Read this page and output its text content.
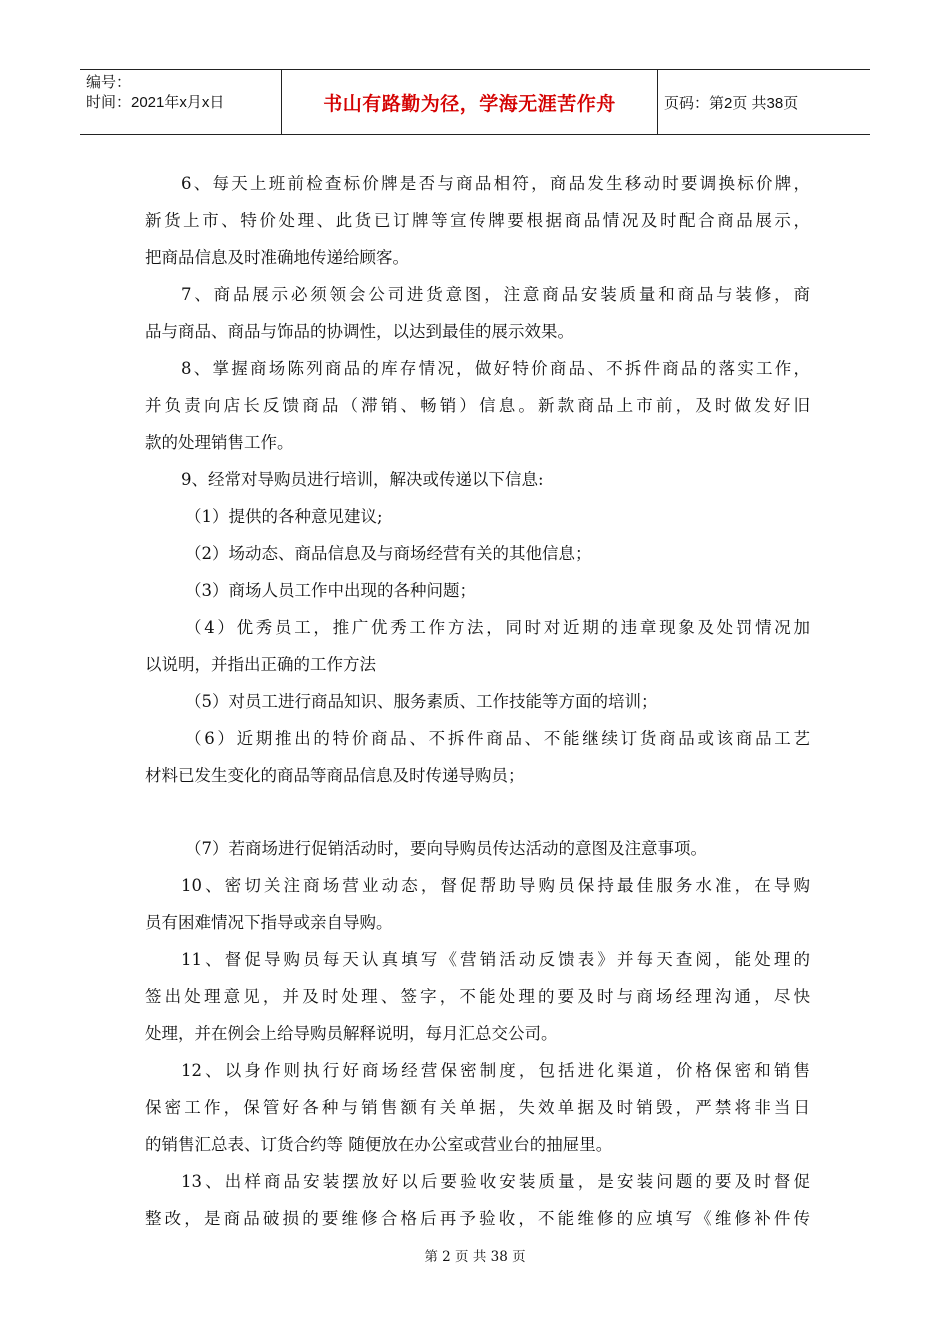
编号：
时间：2021年x月x日	书山有路勤为径，学海无涯苦作舟	页码：第2页 共38页
6、每天上班前检查标价牌是否与商品相符，商品发生移动时要调换标价牌，
新货上市、特价处理、此货已订牌等宣传牌要根据商品情况及时配合商品展示，
把商品信息及时准确地传递给顾客。
7、商品展示必须领会公司进货意图，注意商品安装质量和商品与装修，商
品与商品、商品与饰品的协调性，以达到最佳的展示效果。
8、掌握商场陈列商品的库存情况，做好特价商品、不拆件商品的落实工作，
并负责向店长反馈商品（滞销、畅销）信息。新款商品上市前，及时做发好旧
款的处理销售工作。
9、经常对导购员进行培训，解决或传递以下信息:
（1）提供的各种意见建议;
（2）场动态、商品信息及与商场经营有关的其他信息；
（3）商场人员工作中出现的各种问题；
（4）优秀员工，推广优秀工作方法，同时对近期的违章现象及处罚情况加
以说明，并指出正确的工作方法
（5）对员工进行商品知识、服务素质、工作技能等方面的培训；
（6）近期推出的特价商品、不拆件商品、不能继续订货商品或该商品工艺
材料已发生变化的商品等商品信息及时传递导购员；
（7）若商场进行促销活动时，要向导购员传达活动的意图及注意事项。
10、密切关注商场营业动态，督促帮助导购员保持最佳服务水准，在导购
员有困难情况下指导或亲自导购。
11、督促导购员每天认真填写《营销活动反馈表》并每天查阅，能处理的
签出处理意见，并及时处理、签字，不能处理的要及时与商场经理沟通，尽快
处理，并在例会上给导购员解释说明，每月汇总交公司。
12、以身作则执行好商场经营保密制度，包括进化渠道，价格保密和销售
保密工作，保管好各种与销售额有关单据，失效单据及时销毁，严禁将非当日
的销售汇总表、订货合约等 随便放在办公室或营业台的抽屉里。
13、出样商品安装摆放好以后要验收安装质量，是安装问题的要及时督促
整改，是商品破损的要维修合格后再予验收，不能维修的应填写《维修补件传
第 2 页 共 38 页
